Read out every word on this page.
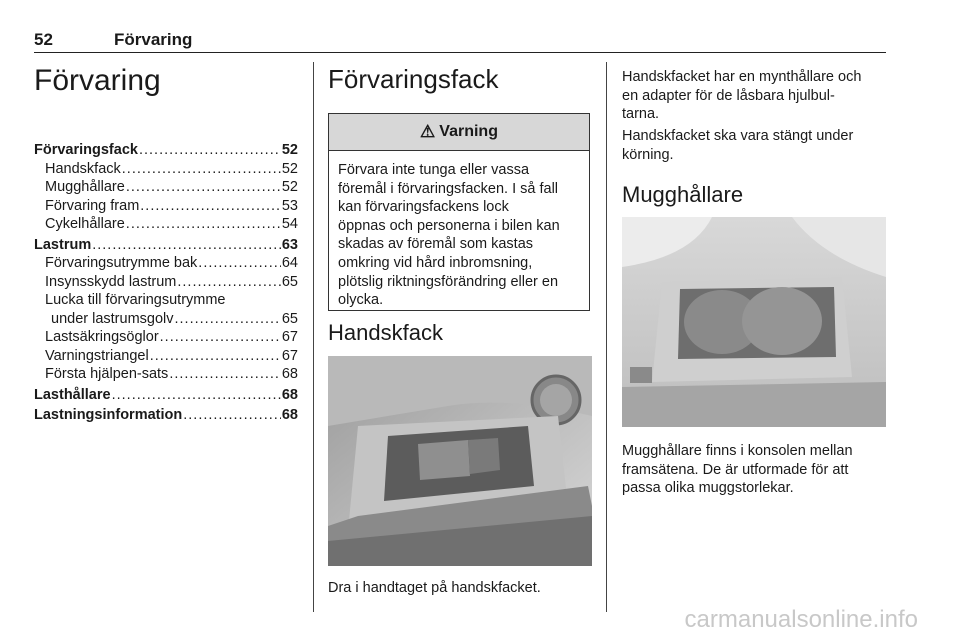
52	Förvaring
Förvaring
Förvaringsfack .....	52
Handskfack .....	52
Mugghållare .....	52
Förvaring fram .....	53
Cykelhållare .....	54
Lastrum .....	63
Förvaringsutrymme bak .....	64
Insynsskydd lastrum .....	65
Lucka till förvaringsutrymme
under lastrumsgolv .....	65
Lastsäkringsöglor .....	67
Varningstriangel .....	67
Första hjälpen-sats .....	68
Lasthållare .....	68
Lastningsinformation .....	68
Förvaringsfack
⚠ Varning
Förvara inte tunga eller vassa
föremål i förvaringsfacken. I så fall
kan förvaringsfackens lock
öppnas och personerna i bilen kan
skadas av föremål som kastas
omkring vid hård inbromsning,
plötslig riktningsförändring eller en
olycka.
Handskfack
Dra i handtaget på handskfacket.
Handskfacket har en mynthållare och
en adapter för de låsbara hjulbul-
tarna.
Handskfacket ska vara stängt under
körning.
Mugghållare
Mugghållare finns i konsolen mellan
framsätena. De är utformade för att
passa olika muggstorlekar.
carmanualsonline.info
